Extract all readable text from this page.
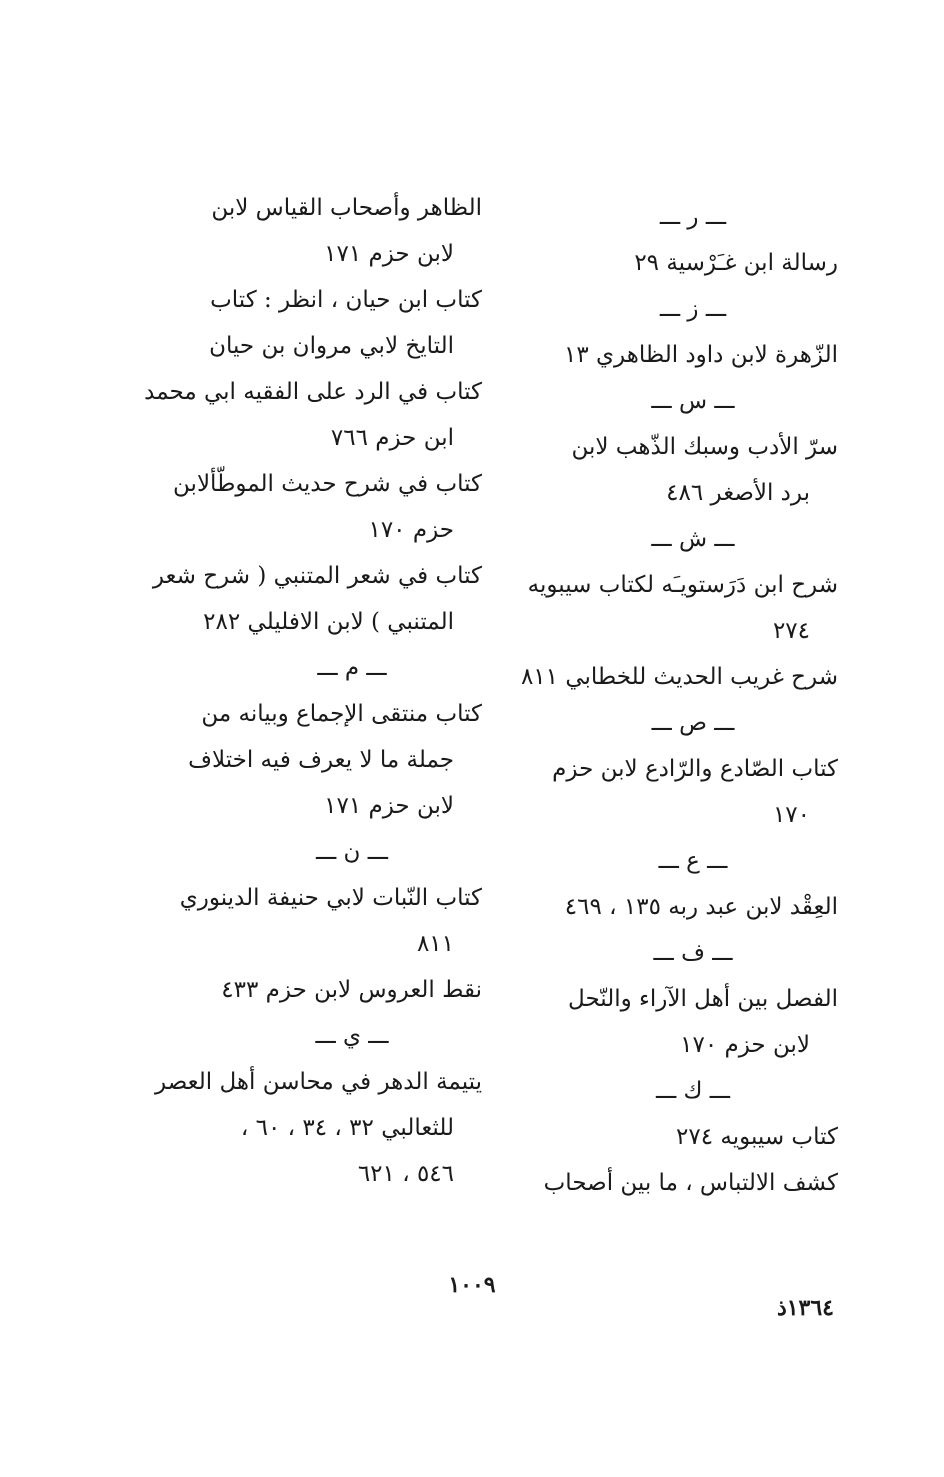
ـــ ر ـــ
رسالة ابن غـَرْسية ٢٩
ـــ ز ـــ
الزّهرة لابن داود الظاهري ١٣
ـــ س ـــ
سرّ الأدب وسبك الذّهب لابن
برد الأصغر ٤٨٦
ـــ ش ـــ
شرح ابن دَرَستويـَه لكتاب سيبويه
٢٧٤
شرح غريب الحديث للخطابي ٨١١
ـــ ص ـــ
كتاب الصّادع والرّادع لابن حزم
١٧٠
ـــ ع ـــ
العِقْد لابن عبد ربه ١٣٥ ، ٤٦٩
ـــ ف ـــ
الفصل بين أهل الآراء والنّحل
لابن حزم ١٧٠
ـــ ك ـــ
كتاب سيبويه ٢٧٤
كشف الالتباس ، ما بين أصحاب
الظاهر وأصحاب القياس لابن
لابن حزم ١٧١
كتاب ابن حيان ، انظر : كتاب
التايخ لابي مروان بن حيان
كتاب في الرد على الفقيه ابي محمد
ابن حزم ٧٦٦
كتاب في شرح حديث الموطّألابن
حزم ١٧٠
كتاب في شعر المتنبي ( شرح شعر
المتنبي ) لابن الافليلي ٢٨٢
ـــ م ـــ
كتاب منتقى الإجماع وبيانه من
جملة ما لا يعرف فيه اختلاف
لابن حزم ١٧١
ـــ ن ـــ
كتاب النّبات لابي حنيفة الدينوري
٨١١
نقط العروس لابن حزم ٤٣٣
ـــ ي ـــ
يتيمة الدهر في محاسن أهل العصر
للثعالبي ٣٢ ، ٣٤ ، ٦٠ ،
٥٤٦ ، ٦٢١
١٠٠٩
١٣٦٤ذ
